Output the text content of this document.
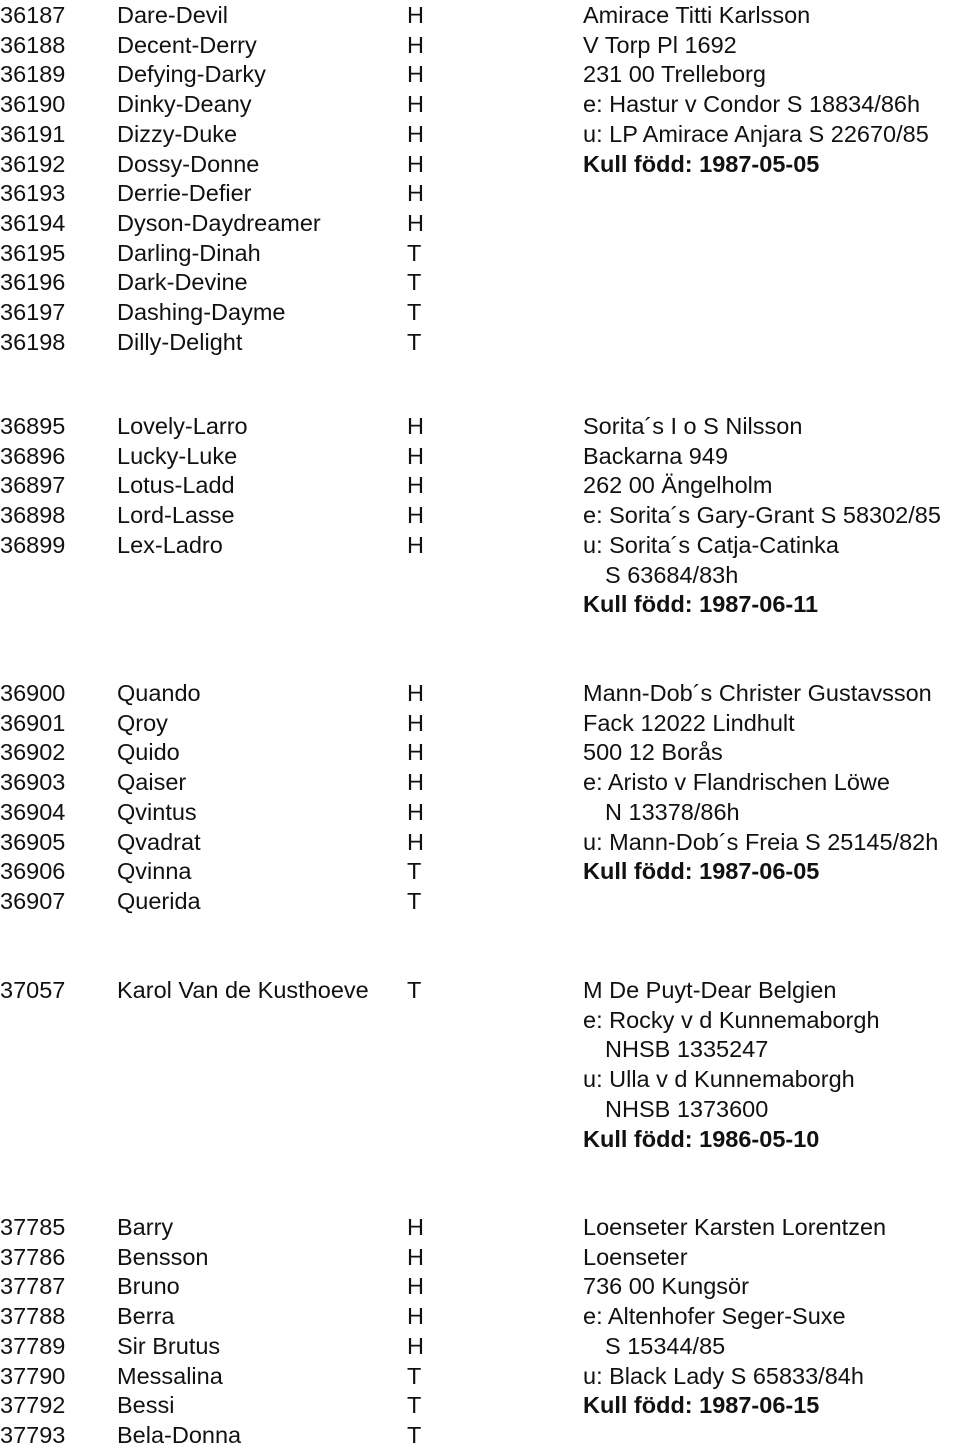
36187 Dare-Devil	H	Amirace Titti Karlsson
36188 Decent-Derry	H	V Torp Pl 1692
36189 Defying-Darky	H	231 00 Trelleborg
36190 Dinky-Deany	H	e: Hastur v Condor S 18834/86h
36191 Dizzy-Duke	H	u: LP Amirace Anjara S 22670/85
36192 Dossy-Donne	H	Kull född: 1987-05-05
36193 Derrie-Defier	H
36194 Dyson-Daydreamer	H
36195 Darling-Dinah	T
36196 Dark-Devine	T
36197 Dashing-Dayme	T
36198 Dilly-Delight	T
36895 Lovely-Larro	H	Sorita´s I o S Nilsson
36896 Lucky-Luke	H	Backarna 949
36897 Lotus-Ladd	H	262 00 Ängelholm
36898 Lord-Lasse	H	e: Sorita´s Gary-Grant S 58302/85
36899 Lex-Ladro	H	u: Sorita´s Catja-Catinka
S 63684/83h
Kull född: 1987-06-11
36900 Quando	H	Mann-Dob´s Christer Gustavsson
36901 Qroy	H	Fack 12022 Lindhult
36902 Quido	H	500 12 Borås
36903 Qaiser	H	e: Aristo v Flandrischen Löwe
36904 Qvintus	H	N 13378/86h
36905 Qvadrat	H	u: Mann-Dob´s Freia S 25145/82h
36906 Qvinna	T	Kull född: 1987-06-05
36907 Querida	T
37057 Karol Van de Kusthoeve T	M De Puyt-Dear Belgien
e: Rocky v d Kunnemaborgh
NHSB 1335247
u: Ulla v d Kunnemaborgh
NHSB 1373600
Kull född: 1986-05-10
37785 Barry	H	Loenseter Karsten Lorentzen
37786 Bensson	H	Loenseter
37787 Bruno	H	736 00 Kungsör
37788 Berra	H	e: Altenhofer Seger-Suxe
37789 Sir Brutus	H	S 15344/85
37790 Messalina	T	u: Black Lady S 65833/84h
37792 Bessi	T	Kull född: 1987-06-15
37793 Bela-Donna	T
